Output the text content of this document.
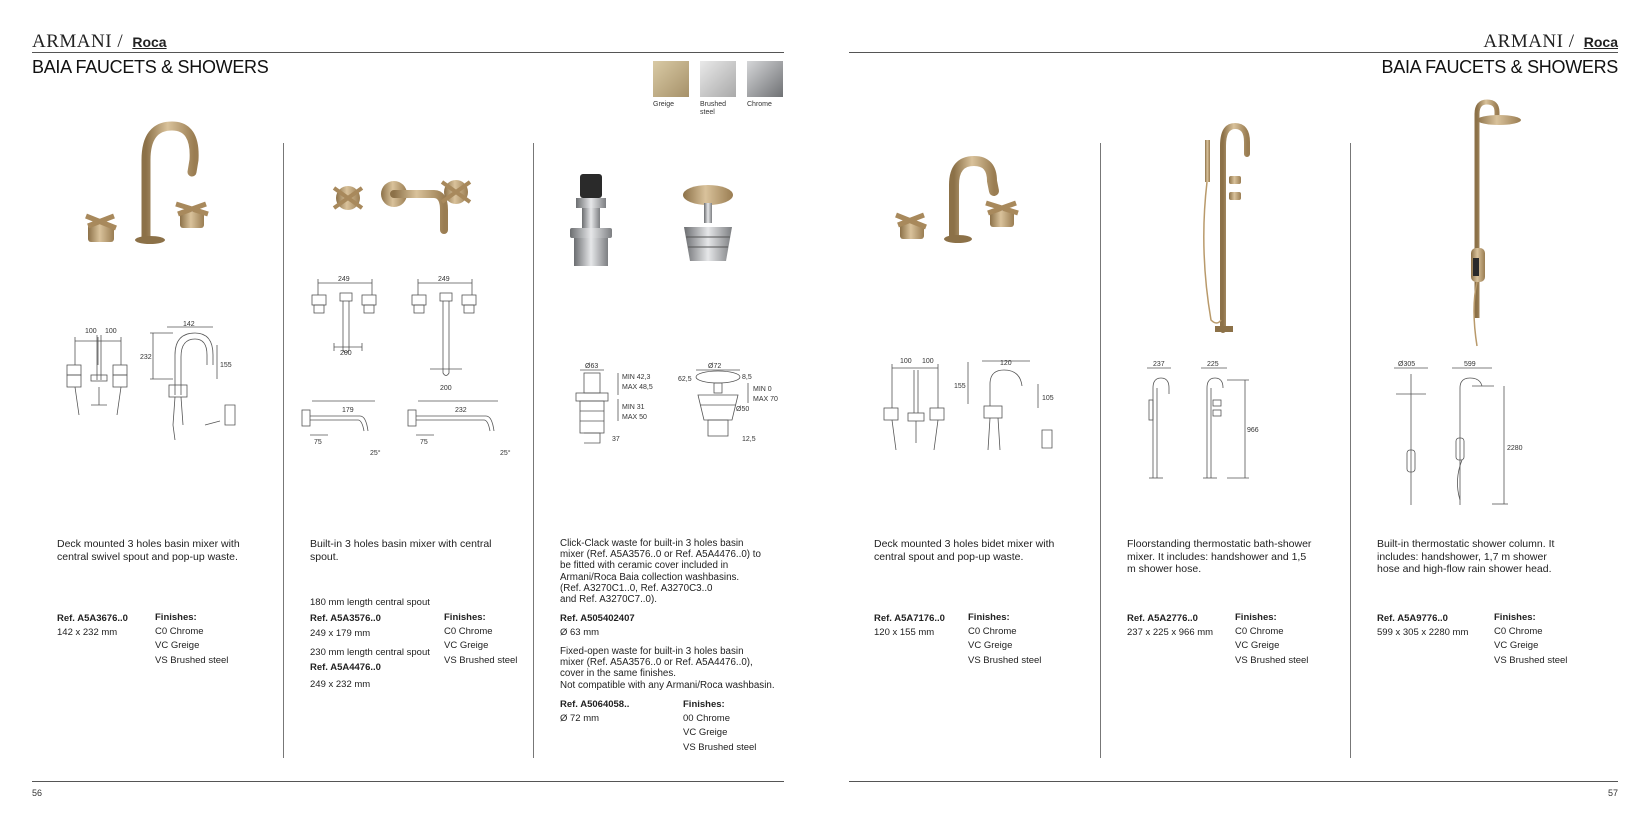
ARMANI / Roca
BAIA FAUCETS & SHOWERS
Greige	Brushed steel
Chrome
100 100
142
232
155
Deck mounted 3 holes basin mixer with central swivel spout and pop-up waste.
Ref. A5A3676..0
142 x 232 mm
Finishes:
C0 Chrome
VC Greige
VS Brushed steel
249
200
249
200
179
75
25°
232
75
25°
Built-in 3 holes basin mixer with central spout.
180 mm length central spout
Ref. A5A3576..0
249 x 179 mm
230 mm length central spout
Ref. A5A4476..0
249 x 232 mm
Finishes:
C0 Chrome
VC Greige
VS Brushed steel
Ø63
MIN 42,3
MAX 48,5
MIN 31
MAX 50
37
Ø72
62,5	8,5
MIN 0
MAX 70
Ø50
12,5
Click-Clack waste for built-in 3 holes basin mixer (Ref. A5A3576..0 or Ref. A5A4476..0) to be fitted with ceramic cover included in Armani/Roca Baia collection washbasins.
(Ref. A3270C1..0, Ref. A3270C3..0
and Ref. A3270C7..0).
Ref. A505402407
Ø 63 mm
Fixed-open waste for built-in 3 holes basin mixer (Ref. A5A3576..0 or Ref. A5A4476..0), cover in the same finishes.
Not compatible with any Armani/Roca washbasin.
Ref. A5064058..
Ø 72 mm
Finishes:
00 Chrome
VC Greige
VS Brushed steel
56
ARMANI / Roca
BAIA FAUCETS & SHOWERS
100 100	120
155
105
Deck mounted 3 holes bidet mixer with central spout and pop-up waste.
Ref. A5A7176..0
120 x 155 mm
Finishes:
C0 Chrome
VC Greige
VS Brushed steel
237	225
966
Floorstanding thermostatic bath-shower mixer. It includes: handshower and 1,5 m shower hose.
Ref. A5A2776..0
237 x 225 x 966 mm
Finishes:
C0 Chrome
VC Greige
VS Brushed steel
Ø305	599
2280
Built-in thermostatic shower column. It includes: handshower, 1,7 m shower hose and high-flow rain shower head.
Ref. A5A9776..0
599 x 305 x 2280 mm
Finishes:
C0 Chrome
VC Greige
VS Brushed steel
57
